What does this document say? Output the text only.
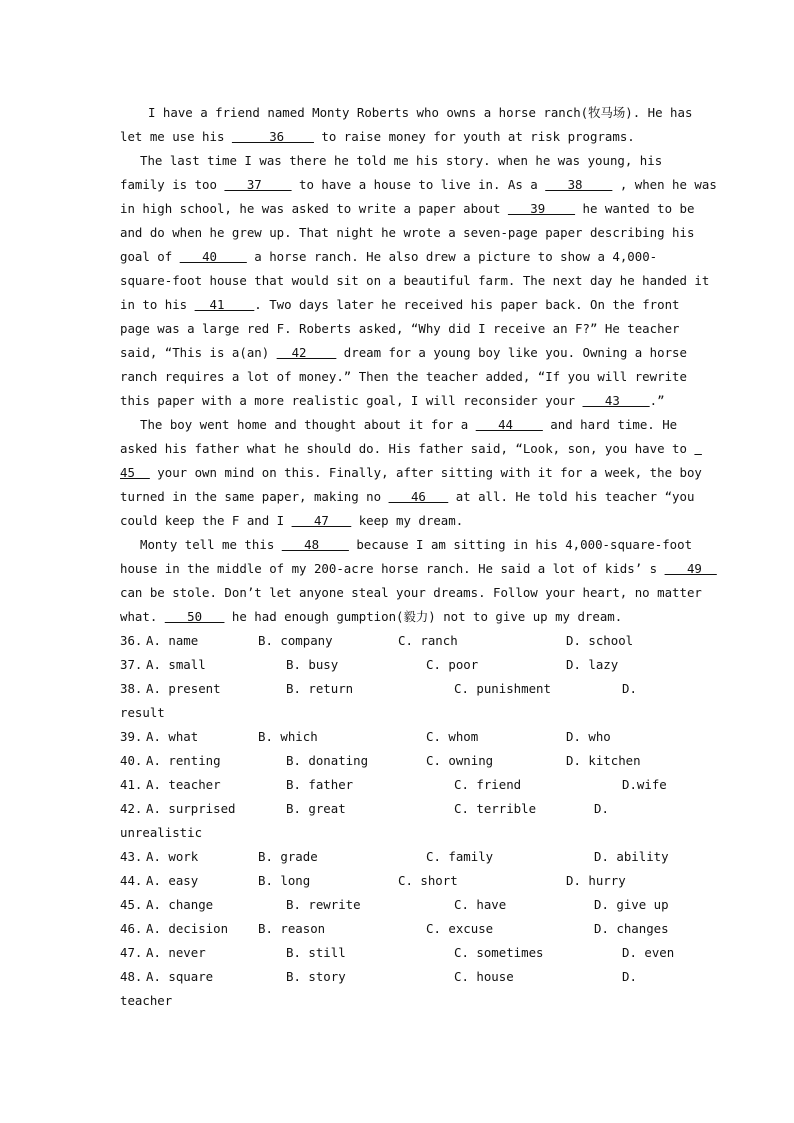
I have a friend named Monty Roberts who owns a horse ranch(牧马场). He has
let me use his      36     to raise money for youth at risk programs.
The last time I was there he told me his story. when he was young, his
family is too    37     to have a house to live in. As a    38     , when he was
in high school, he was asked to write a paper about    39     he wanted to be
and do when he grew up. That night he wrote a seven-page paper describing his
goal of    40     a horse ranch. He also drew a picture to show a 4,000-
square-foot house that would sit on a beautiful farm. The next day he handed it
in to his   41    . Two days later he received his paper back. On the front
page was a large red F. Roberts asked, “Why did I receive an F?” He teacher
said, “This is a(an)   42     dream for a young boy like you. Owning a horse
ranch requires a lot of money.” Then the teacher added, “If you will rewrite
this paper with a more realistic goal, I will reconsider your    43    .”
The boy went home and thought about it for a    44     and hard time. He
asked his father what he should do. His father said, “Look, son, you have to
45   your own mind on this. Finally, after sitting with it for a week, the boy
turned in the same paper, making no    46    at all. He told his teacher “you
could keep the F and I    47    keep my dream.
Monty tell me this    48     because I am sitting in his 4,000-square-foot
house in the middle of my 200-acre horse ranch. He said a lot of kids’ s    49
can be stole. Don’t let anyone steal your dreams. Follow your heart, no matter
what.    50    he had enough gumption(毅力) not to give up my dream.
36. A. name	B. company	C. ranch	D. school
37. A. small	B. busy	C. poor	D. lazy
38. A. present	B. return	C. punishment	D.
result
39. A. what	B. which	C. whom	D. who
40. A. renting	B. donating	C. owning	D. kitchen
41. A. teacher	B. father	C. friend	D.wife
42. A. surprised	B. great	C. terrible	D.
unrealistic
43. A. work	B. grade	C. family	D. ability
44. A. easy	B. long	C. short	D. hurry
45. A. change	B. rewrite	C. have	D. give up
46. A. decision B. reason	C. excuse	D. changes
47. A. never	B. still	C. sometimes	D. even
48. A. square	B. story	C. house	D.
teacher
